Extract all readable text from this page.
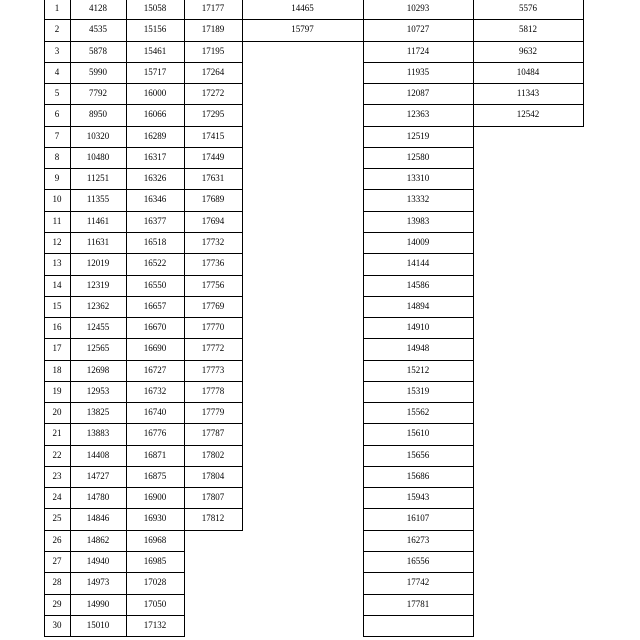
1
2
3
4
5
6
7
8
9
10
11
12
13
14
15
16
17
18
19
20
21
22
23
24
25
26
27
28
29
30
4128
4535
5878
5990
7792
8950
10320
10480
11251
11355
11461
11631
12019
12319
12362
12455
12565
12698
12953
13825
13883
14408
14727
14780
14846
14862
14940
14973
14990
15010
15058
15156
15461
15717
16000
16066
16289
16317
16326
16346
16377
16518
16522
16550
16657
16670
16690
16727
16732
16740
16776
16871
16875
16900
16930
16968
16985
17028
17050
17132
17177
17189
17195
17264
17272
17295
17415
17449
17631
17689
17694
17732
17736
17756
17769
17770
17772
17773
17778
17779
17787
17802
17804
17807
17812
14465
15797
10293
10727
11724
11935
12087
12363
12519
12580
13310
13332
13983
14009
14144
14586
14894
14910
14948
15212
15319
15562
15610
15656
15686
15943
16107
16273
16556
17742
17781
5576
5812
9632
10484
11343
12542
